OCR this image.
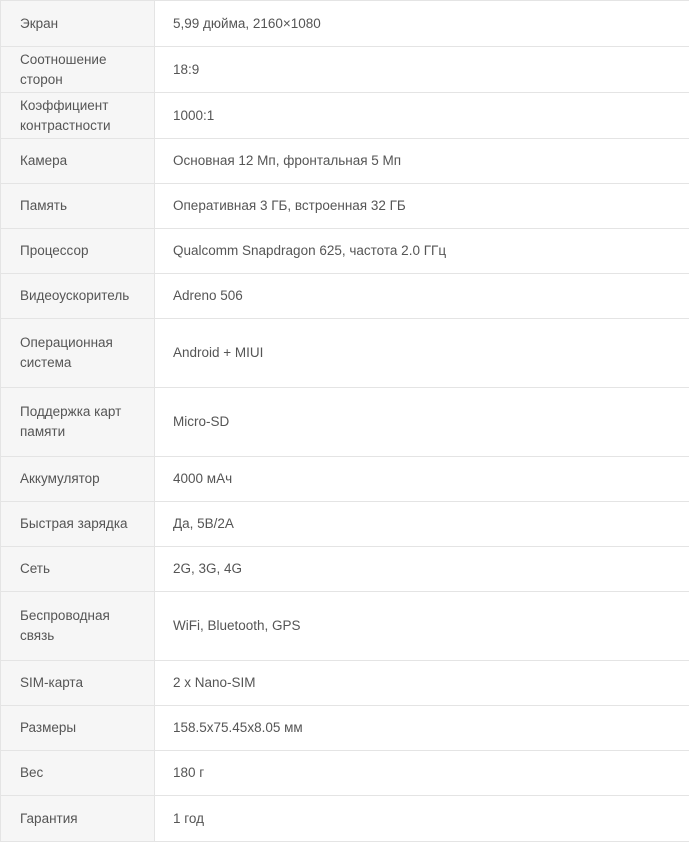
Экран	5,99 дюйма, 2160×1080
Соотношение сторон	18:9
Коэффициент контрастности	1000:1
Камера	Основная 12 Мп, фронтальная 5 Мп
Память	Оперативная 3 ГБ, встроенная 32 ГБ
Процессор	Qualcomm Snapdragon 625, частота 2.0 ГГц
Видеоускоритель	Adreno 506
Операционная система	Android + MIUI
Поддержка карт памяти	Micro-SD
Аккумулятор	4000 мАч
Быстрая зарядка	Да, 5В/2А
Сеть	2G, 3G, 4G
Беспроводная связь	WiFi, Bluetooth, GPS
SIM-карта	2 x Nano-SIM
Размеры	158.5x75.45x8.05 мм
Вес	180 г
Гарантия	1 год
